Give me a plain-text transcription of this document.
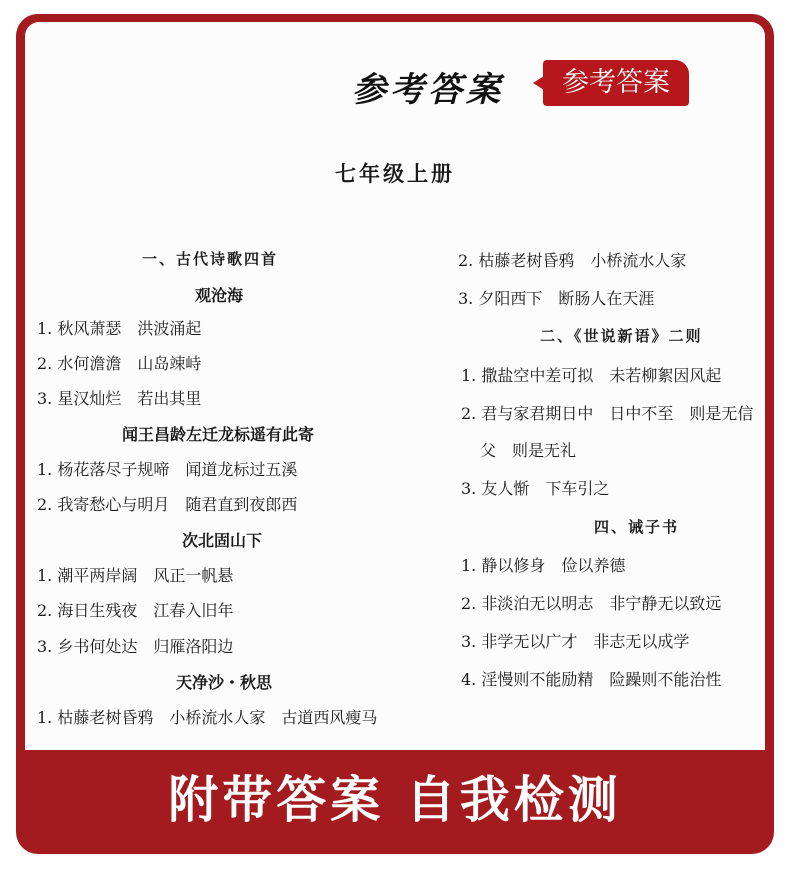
参考答案	参考答案
七年级上册
一、古代诗歌四首
观沧海
1. 秋风萧瑟　洪波涌起
2. 水何澹澹　山岛竦峙
3. 星汉灿烂　若出其里
闻王昌龄左迁龙标遥有此寄
1. 杨花落尽子规啼　闻道龙标过五溪
2. 我寄愁心与明月　随君直到夜郎西
次北固山下
1. 潮平两岸阔　风正一帆悬
2. 海日生残夜　江春入旧年
3. 乡书何处达　归雁洛阳边
天净沙・秋思
1. 枯藤老树昏鸦　小桥流水人家　古道西风瘦马
2. 枯藤老树昏鸦　小桥流水人家
3. 夕阳西下　断肠人在天涯
二、《世说新语》二则
1. 撒盐空中差可拟　未若柳絮因风起
2. 君与家君期日中　日中不至　则是无信
父　则是无礼
3. 友人惭　下车引之
四、诫子书
1. 静以修身　俭以养德
2. 非淡泊无以明志　非宁静无以致远
3. 非学无以广才　非志无以成学
4. 淫慢则不能励精　险躁则不能治性
附带答案 自我检测
